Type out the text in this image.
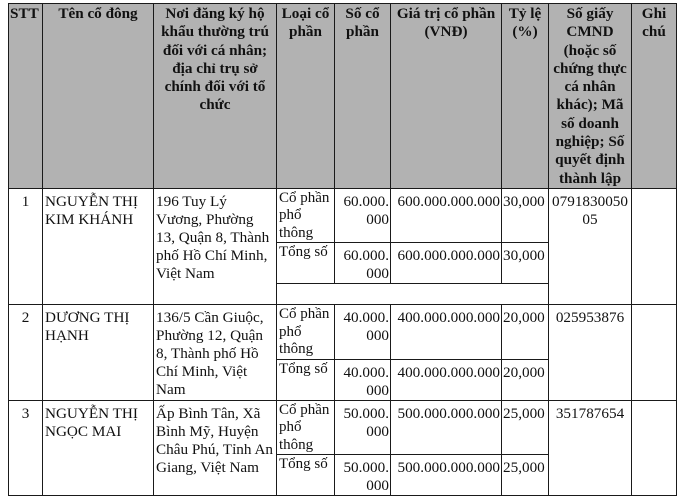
STT	Tên cổ đông	Nơi đăng ký hộ khẩu thường trú đối với cá nhân; địa chỉ trụ sở chính đối với tổ chức	Loại cổ phần	Số cổ phần	Giá trị cổ phần (VNĐ)	Tỷ lệ (%)	Số giấy CMND (hoặc số chứng thực cá nhân khác); Mã số doanh nghiệp; Số quyết định thành lập	Ghi chú
1	NGUYỄN THỊ KIM KHÁNH	196 Tuy Lý Vương, Phường 13, Quận 8, Thành phố Hồ Chí Minh, Việt Nam	Cổ phần phổ thông	60.000.000	600.000.000.000	30,000	079183005005	
			Tổng số	60.000.000	600.000.000.000	30,000		

2	DƯƠNG THỊ HẠNH	136/5 Cần Giuộc, Phường 12, Quận 8, Thành phố Hồ Chí Minh, Việt Nam	Cổ phần phổ thông	40.000.000	400.000.000.000	20,000	025953876	
			Tổng số	40.000.000	400.000.000.000	20,000		
3	NGUYỄN THỊ NGỌC MAI	Ấp Bình Tân, Xã Bình Mỹ, Huyện Châu Phú, Tỉnh An Giang, Việt Nam	Cổ phần phổ thông	50.000.000	500.000.000.000	25,000	351787654	
			Tổng số	50.000.000	500.000.000.000	25,000		
